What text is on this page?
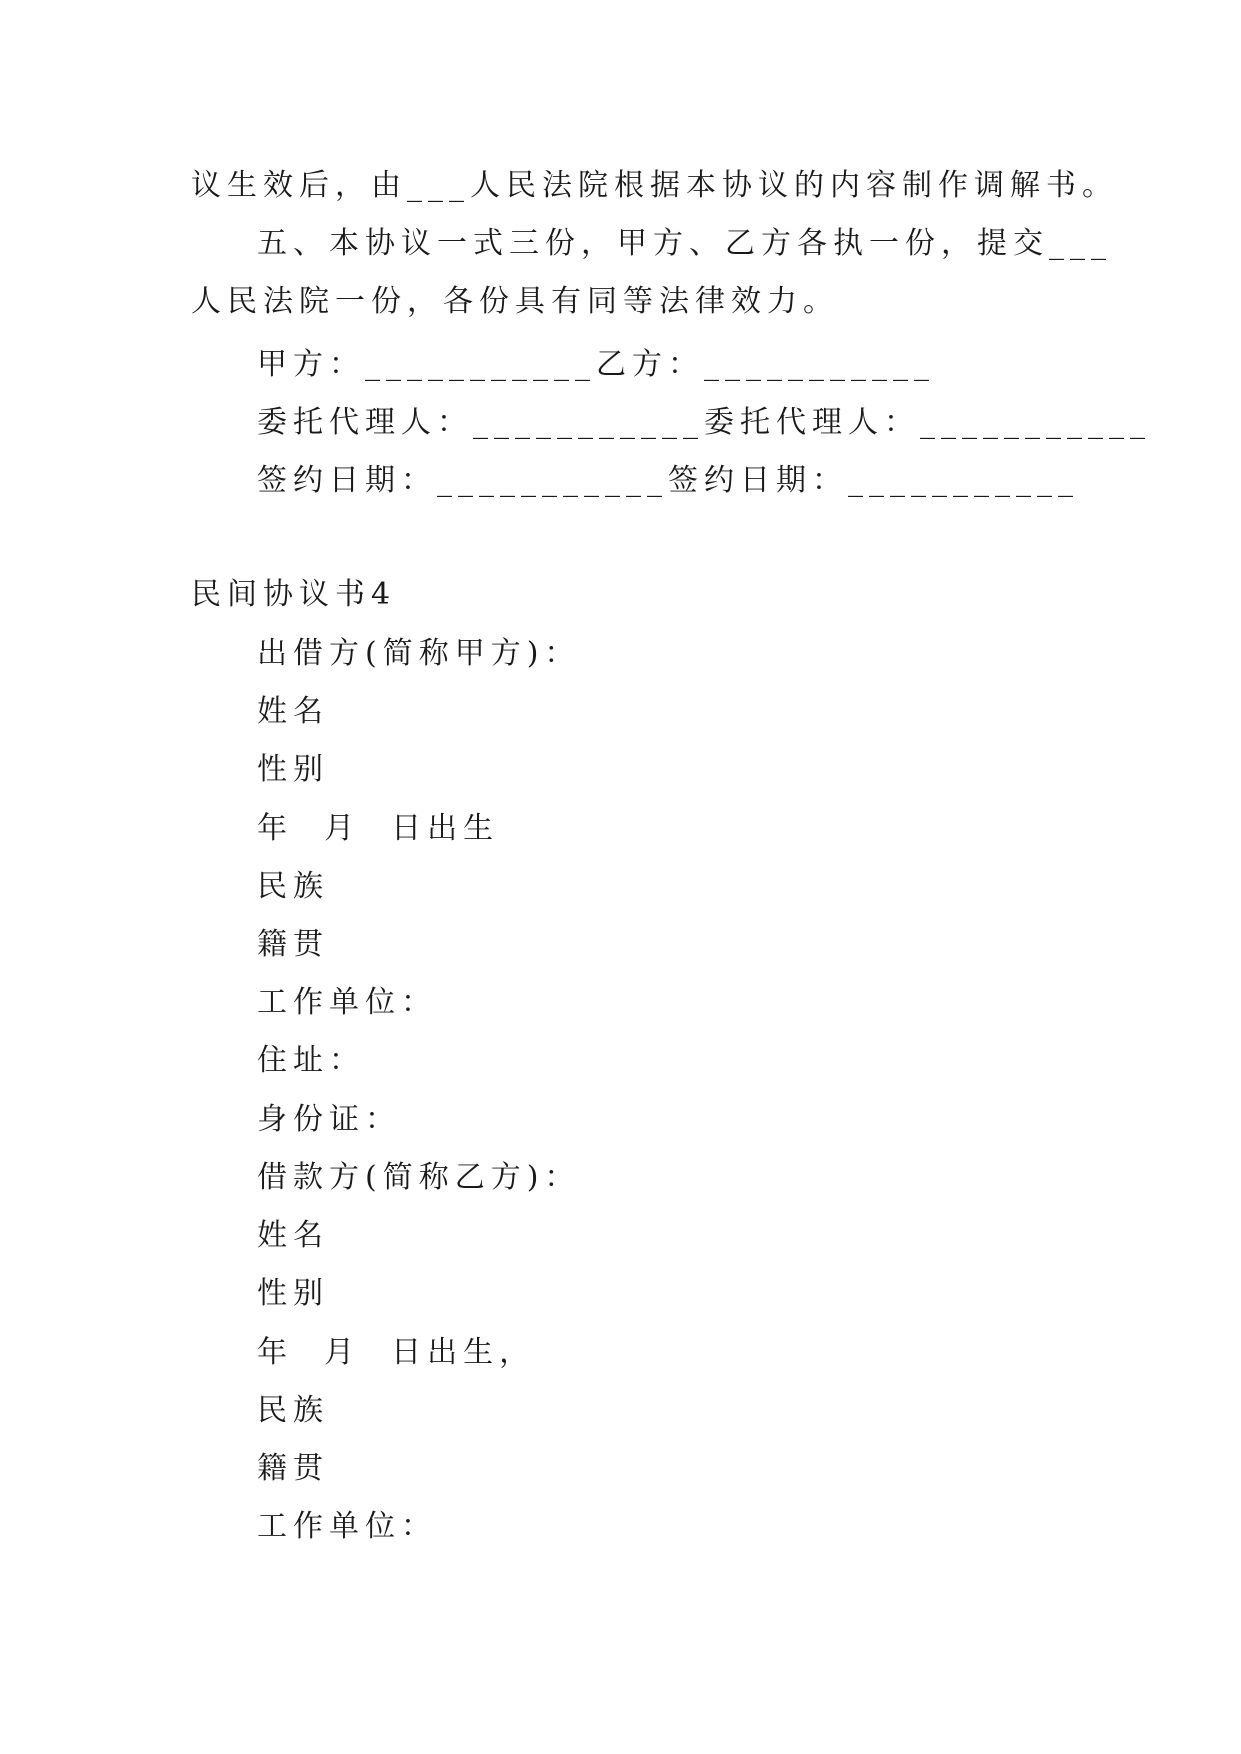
议生效后，由___人民法院根据本协议的内容制作调解书。
五、本协议一式三份，甲方、乙方各执一份，提交___
人民法院一份，各份具有同等法律效力。
甲方：___________乙方：___________
委托代理人：___________委托代理人：___________
签约日期：___________签约日期：___________
民间协议书4
出借方(简称甲方)：
姓名
性别
年  月  日出生
民族
籍贯
工作单位：
住址：
身份证：
借款方(简称乙方)：
姓名
性别
年  月  日出生，
民族
籍贯
工作单位：
